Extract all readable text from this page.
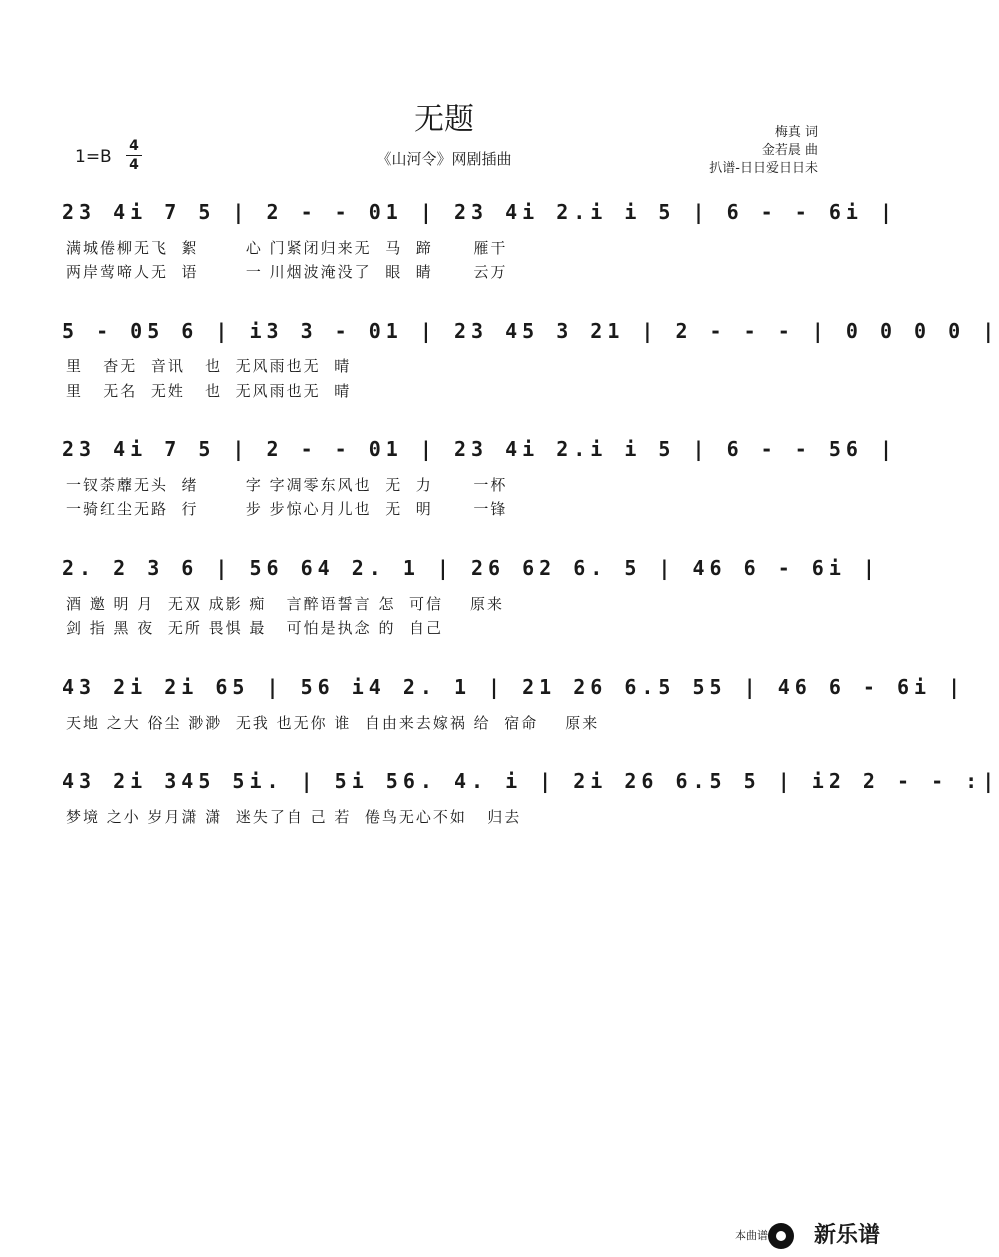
无题
《山河令》网剧插曲
1=B
4
4
梅真 词
金若晨 曲
扒谱-日日爱日日未
23 4i 7 5 | 2 - - 01 | 23 4i 2.i i 5 | 6 - - 6i |
满城倦柳无飞  絮       心 门紧闭归来无  马  蹄      雁干
两岸莺啼人无  语       一 川烟波淹没了  眼  睛      云万
5 - 05 6 | i3 3 - 01 | 23 45 3 21 | 2 - - - | 0 0 0 0 |
里   杳无  音讯   也  无风雨也无  晴
里   无名  无姓   也  无风雨也无  晴
23 4i 7 5 | 2 - - 01 | 23 4i 2.i i 5 | 6 - - 56 |
一钗荼蘼无头  绪       字 字凋零东风也  无  力      一杯
一骑红尘无路  行       步 步惊心月儿也  无  明      一锋
2. 2 3 6 | 56 64 2. 1 | 26 62 6. 5 | 46 6 - 6i |
酒 邀 明 月  无双 成影 痴   言醉语誓言 怎  可信    原来
剑 指 黑 夜  无所 畏惧 最   可怕是执念 的  自己
43 2i 2i 65 | 56 i4 2. 1 | 21 26 6.5 55 | 46 6 - 6i |
天地 之大 俗尘 渺渺  无我 也无你 谁  自由来去嫁祸 给  宿命    原来
43 2i 345 5i. | 5i 56. 4. i | 2i 26 6.5 5 | i2 2 - - :|
梦境 之小 岁月潇 潇  迷失了自 己 若  倦鸟无心不如   归去
本曲谱 新乐谱
